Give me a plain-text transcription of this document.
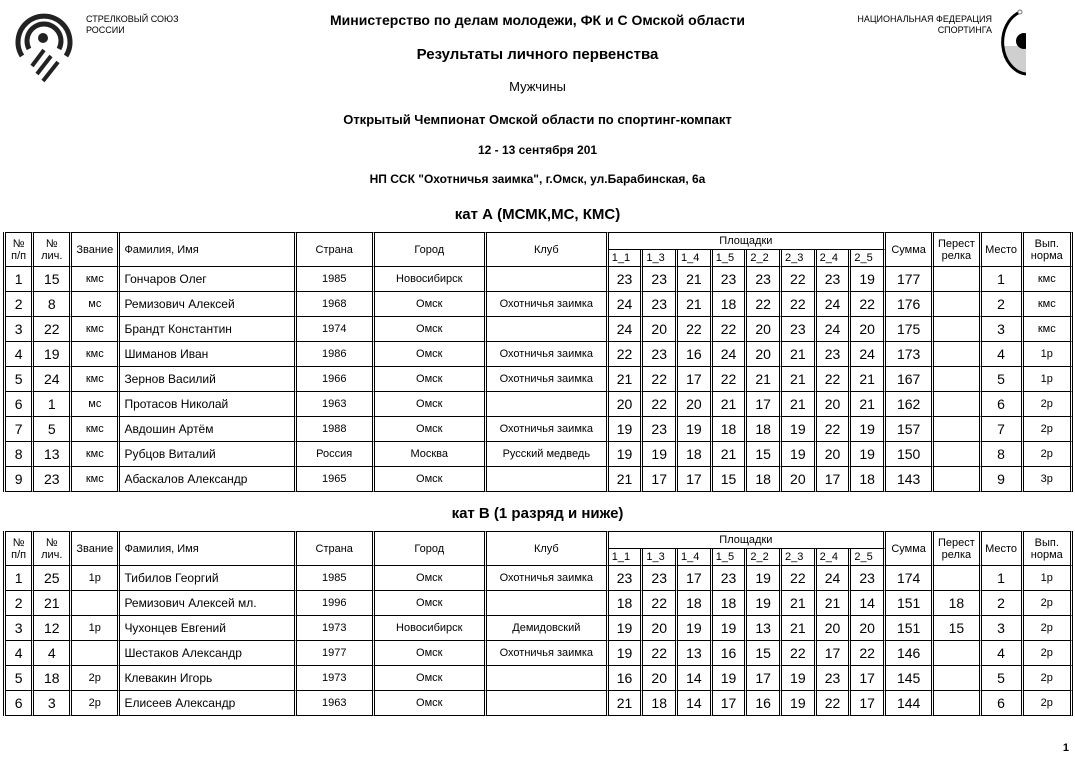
СТРЕЛКОВЫЙ СОЮЗ
РОССИИ
НАЦИОНАЛЬНАЯ ФЕДЕРАЦИЯ
СПОРТИНГА
Министерство по делам молодежи, ФК и С Омской области
Результаты личного первенства
Мужчины
Открытый Чемпионат Омской области по спортинг-компакт
12 - 13 сентября 201
НП ССК "Охотничья заимка", г.Омск, ул.Барабинская, 6а
кат А (МСМК,МС, КМС)
№
п/п	№
лич.	Звание	Фамилия, Имя	Страна	Город	Клуб	Площадки								Сумма	Перест
релка	Место	Вып.
норма
							1_1	1_3	1_4	1_5	2_2	2_3	2_4	2_5				
1	15	кмс	Гончаров Олег	1985	Новосибирск		23	23	21	23	23	22	23	19	177		1	кмс
2	8	мс	Ремизович Алексей	1968	Омск	Охотничья заимка	24	23	21	18	22	22	24	22	176		2	кмс
3	22	кмс	Брандт Константин	1974	Омск		24	20	22	22	20	23	24	20	175		3	кмс
4	19	кмс	Шиманов Иван	1986	Омск	Охотничья заимка	22	23	16	24	20	21	23	24	173		4	1р
5	24	кмс	Зернов Василий	1966	Омск	Охотничья заимка	21	22	17	22	21	21	22	21	167		5	1р
6	1	мс	Протасов Николай	1963	Омск		20	22	20	21	17	21	20	21	162		6	2р
7	5	кмс	Авдошин Артём	1988	Омск	Охотничья заимка	19	23	19	18	18	19	22	19	157		7	2р
8	13	кмс	Рубцов Виталий	Россия	Москва	Русский медведь	19	19	18	21	15	19	20	19	150		8	2р
9	23	кмс	Абаскалов Александр	1965	Омск		21	17	17	15	18	20	17	18	143		9	3р
кат В (1 разряд и ниже)
№
п/п	№
лич.	Звание	Фамилия, Имя	Страна	Город	Клуб	Площадки								Сумма	Перест
релка	Место	Вып.
норма
							1_1	1_3	1_4	1_5	2_2	2_3	2_4	2_5				
1	25	1р	Тибилов Георгий	1985	Омск	Охотничья заимка	23	23	17	23	19	22	24	23	174		1	1р
2	21		Ремизович Алексей мл.	1996	Омск		18	22	18	18	19	21	21	14	151	18	2	2р
3	12	1р	Чухонцев Евгений	1973	Новосибирск	Демидовский	19	20	19	19	13	21	20	20	151	15	3	2р
4	4		Шестаков Александр	1977	Омск	Охотничья заимка	19	22	13	16	15	22	17	22	146		4	2р
5	18	2р	Клевакин Игорь	1973	Омск		16	20	14	19	17	19	23	17	145		5	2р
6	3	2р	Елисеев Александр	1963	Омск		21	18	14	17	16	19	22	17	144		6	2р
1
